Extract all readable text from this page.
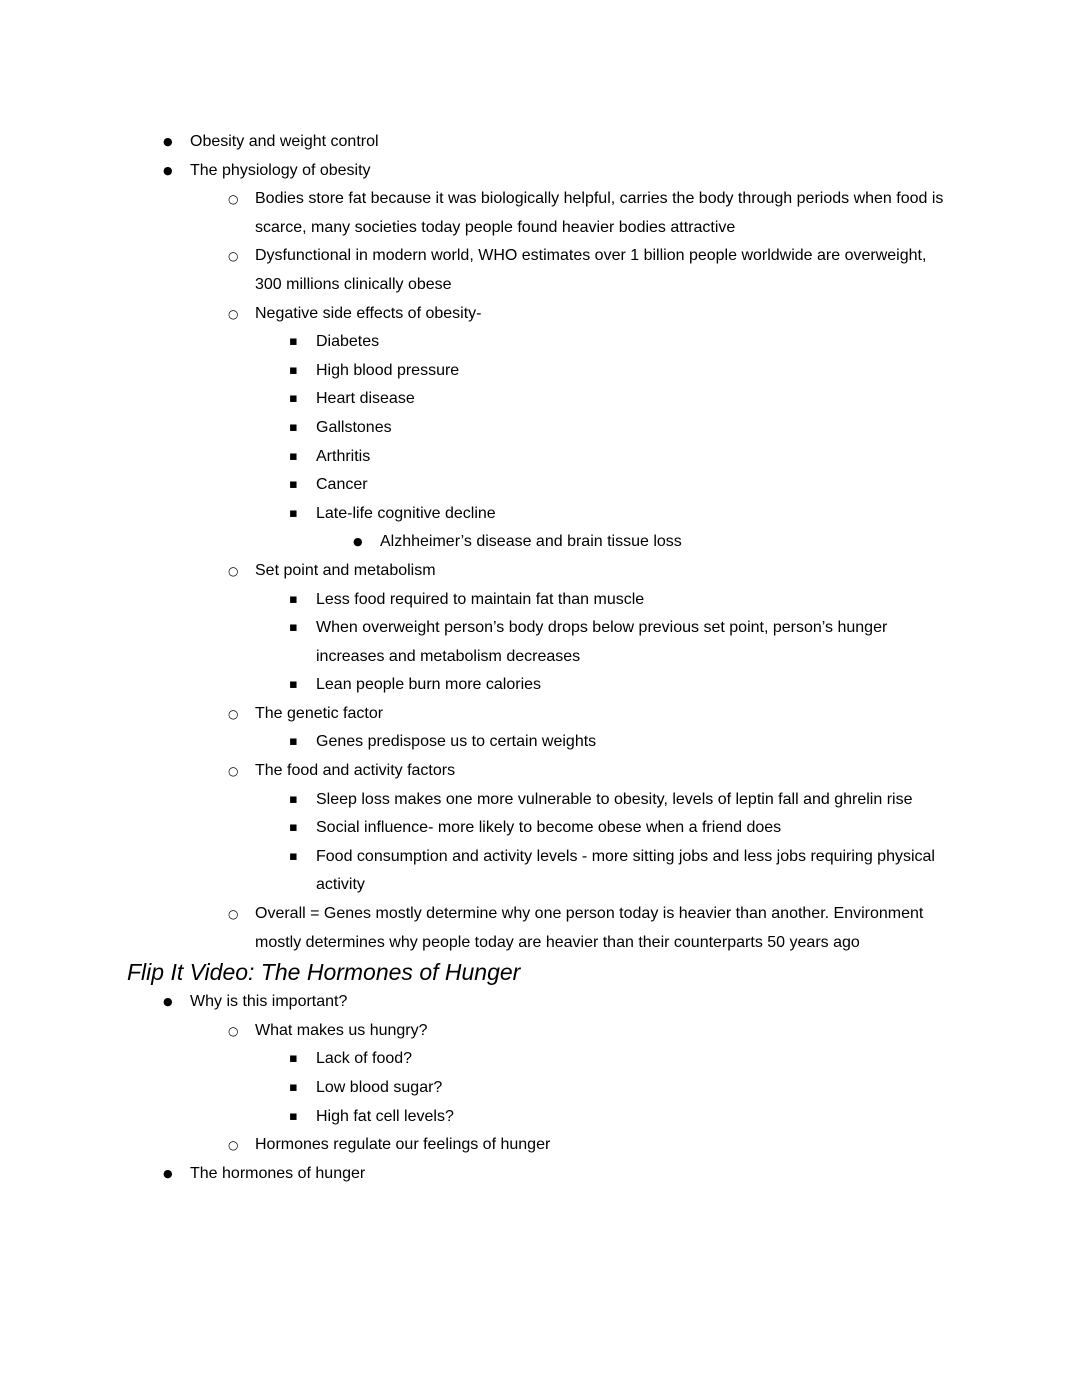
●	Obesity and weight control
●	The physiology of obesity
○	Bodies store fat because it was biologically helpful, carries the body through periods when food is scarce, many societies today people found heavier bodies attractive
○	Dysfunctional in modern world, WHO estimates over 1 billion people worldwide are overweight, 300 millions clinically obese
○	Negative side effects of obesity-
▪	Diabetes
▪	High blood pressure
▪	Heart disease
▪	Gallstones
▪	Arthritis
▪	Cancer
▪	Late-life cognitive decline
●	Alzhheimer’s disease and brain tissue loss
○	Set point and metabolism
▪	Less food required to maintain fat than muscle
▪	When overweight person’s body drops below previous set point, person’s hunger increases and metabolism decreases
▪	Lean people burn more calories
○	The genetic factor
▪	Genes predispose us to certain weights
○	The food and activity factors
▪	Sleep loss makes one more vulnerable to obesity, levels of leptin fall and ghrelin rise
▪	Social influence- more likely to become obese when a friend does
▪	Food consumption and activity levels - more sitting jobs and less jobs requiring physical activity
○	Overall = Genes mostly determine why one person today is heavier than another. Environment mostly determines why people today are heavier than their counterparts 50 years ago
Flip It Video: The Hormones of Hunger
●	Why is this important?
○	What makes us hungry?
▪	Lack of food?
▪	Low blood sugar?
▪	High fat cell levels?
○	Hormones regulate our feelings of hunger
●	The hormones of hunger
